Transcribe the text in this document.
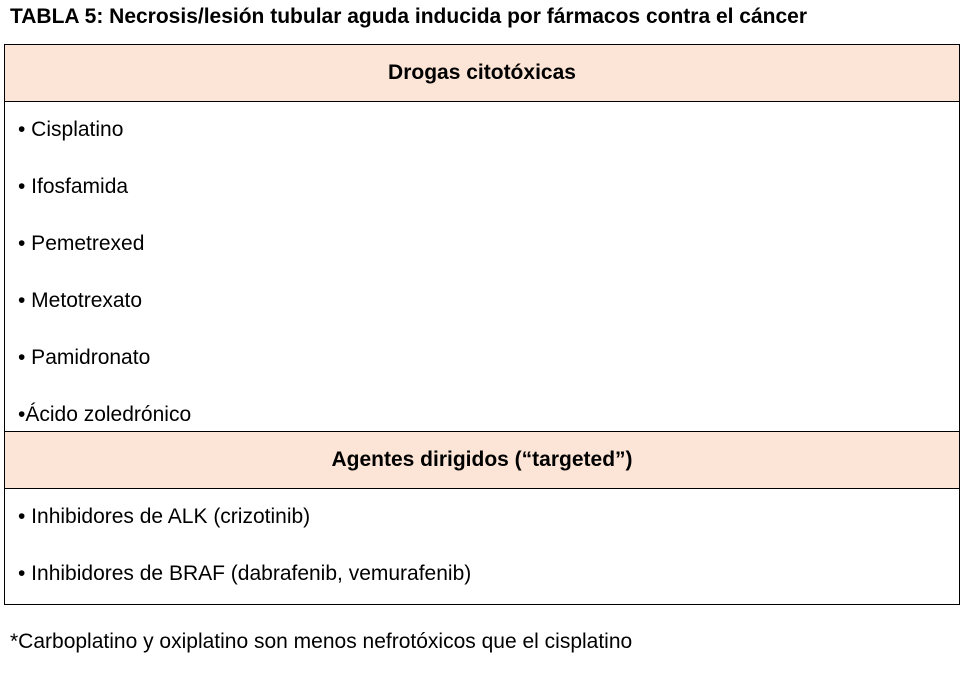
TABLA 5: Necrosis/lesión tubular aguda inducida por fármacos contra el cáncer
Drogas citotóxicas
• Cisplatino
• Ifosfamida
• Pemetrexed
• Metotrexato
• Pamidronato
•Ácido zoledrónico
Agentes dirigidos (“targeted”)
• Inhibidores de ALK (crizotinib)
• Inhibidores de BRAF (dabrafenib, vemurafenib)
*Carboplatino y oxiplatino son menos nefrotóxicos que el cisplatino
